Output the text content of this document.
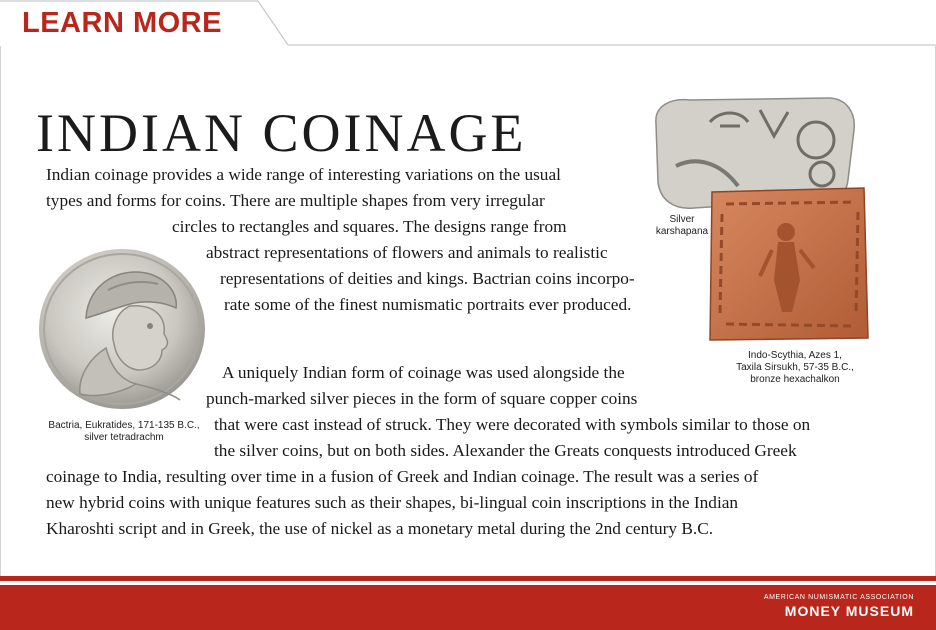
LEARN MORE
INDIAN COINAGE
Indian coinage provides a wide range of interesting variations on the usual
types and forms for coins. There are multiple shapes from very irregular
circles to rectangles and squares. The designs range from
abstract representations of flowers and animals to realistic
representations of deities and kings. Bactrian coins incorpo-
rate some of the finest numismatic portraits ever produced.
A uniquely Indian form of coinage was used alongside the
punch-marked silver pieces in the form of square copper coins
that were cast instead of struck. They were decorated with symbols similar to those on
the silver coins, but on both sides. Alexander the Greats conquests introduced Greek
coinage to India, resulting over time in a fusion of Greek and Indian coinage. The result was a series of
new hybrid coins with unique features such as their shapes, bi-lingual coin inscriptions in the Indian
Kharoshti script and in Greek, the use of nickel as a monetary metal during the 2nd century B.C.
Bactria, Eukratides, 171-135 B.C.,
silver tetradrachm
Silver
karshapana
Indo-Scythia, Azes 1,
Taxila Sirsukh, 57-35 B.C.,
bronze hexachalkon
AMERICAN NUMISMATIC ASSOCIATION
MONEY MUSEUM
